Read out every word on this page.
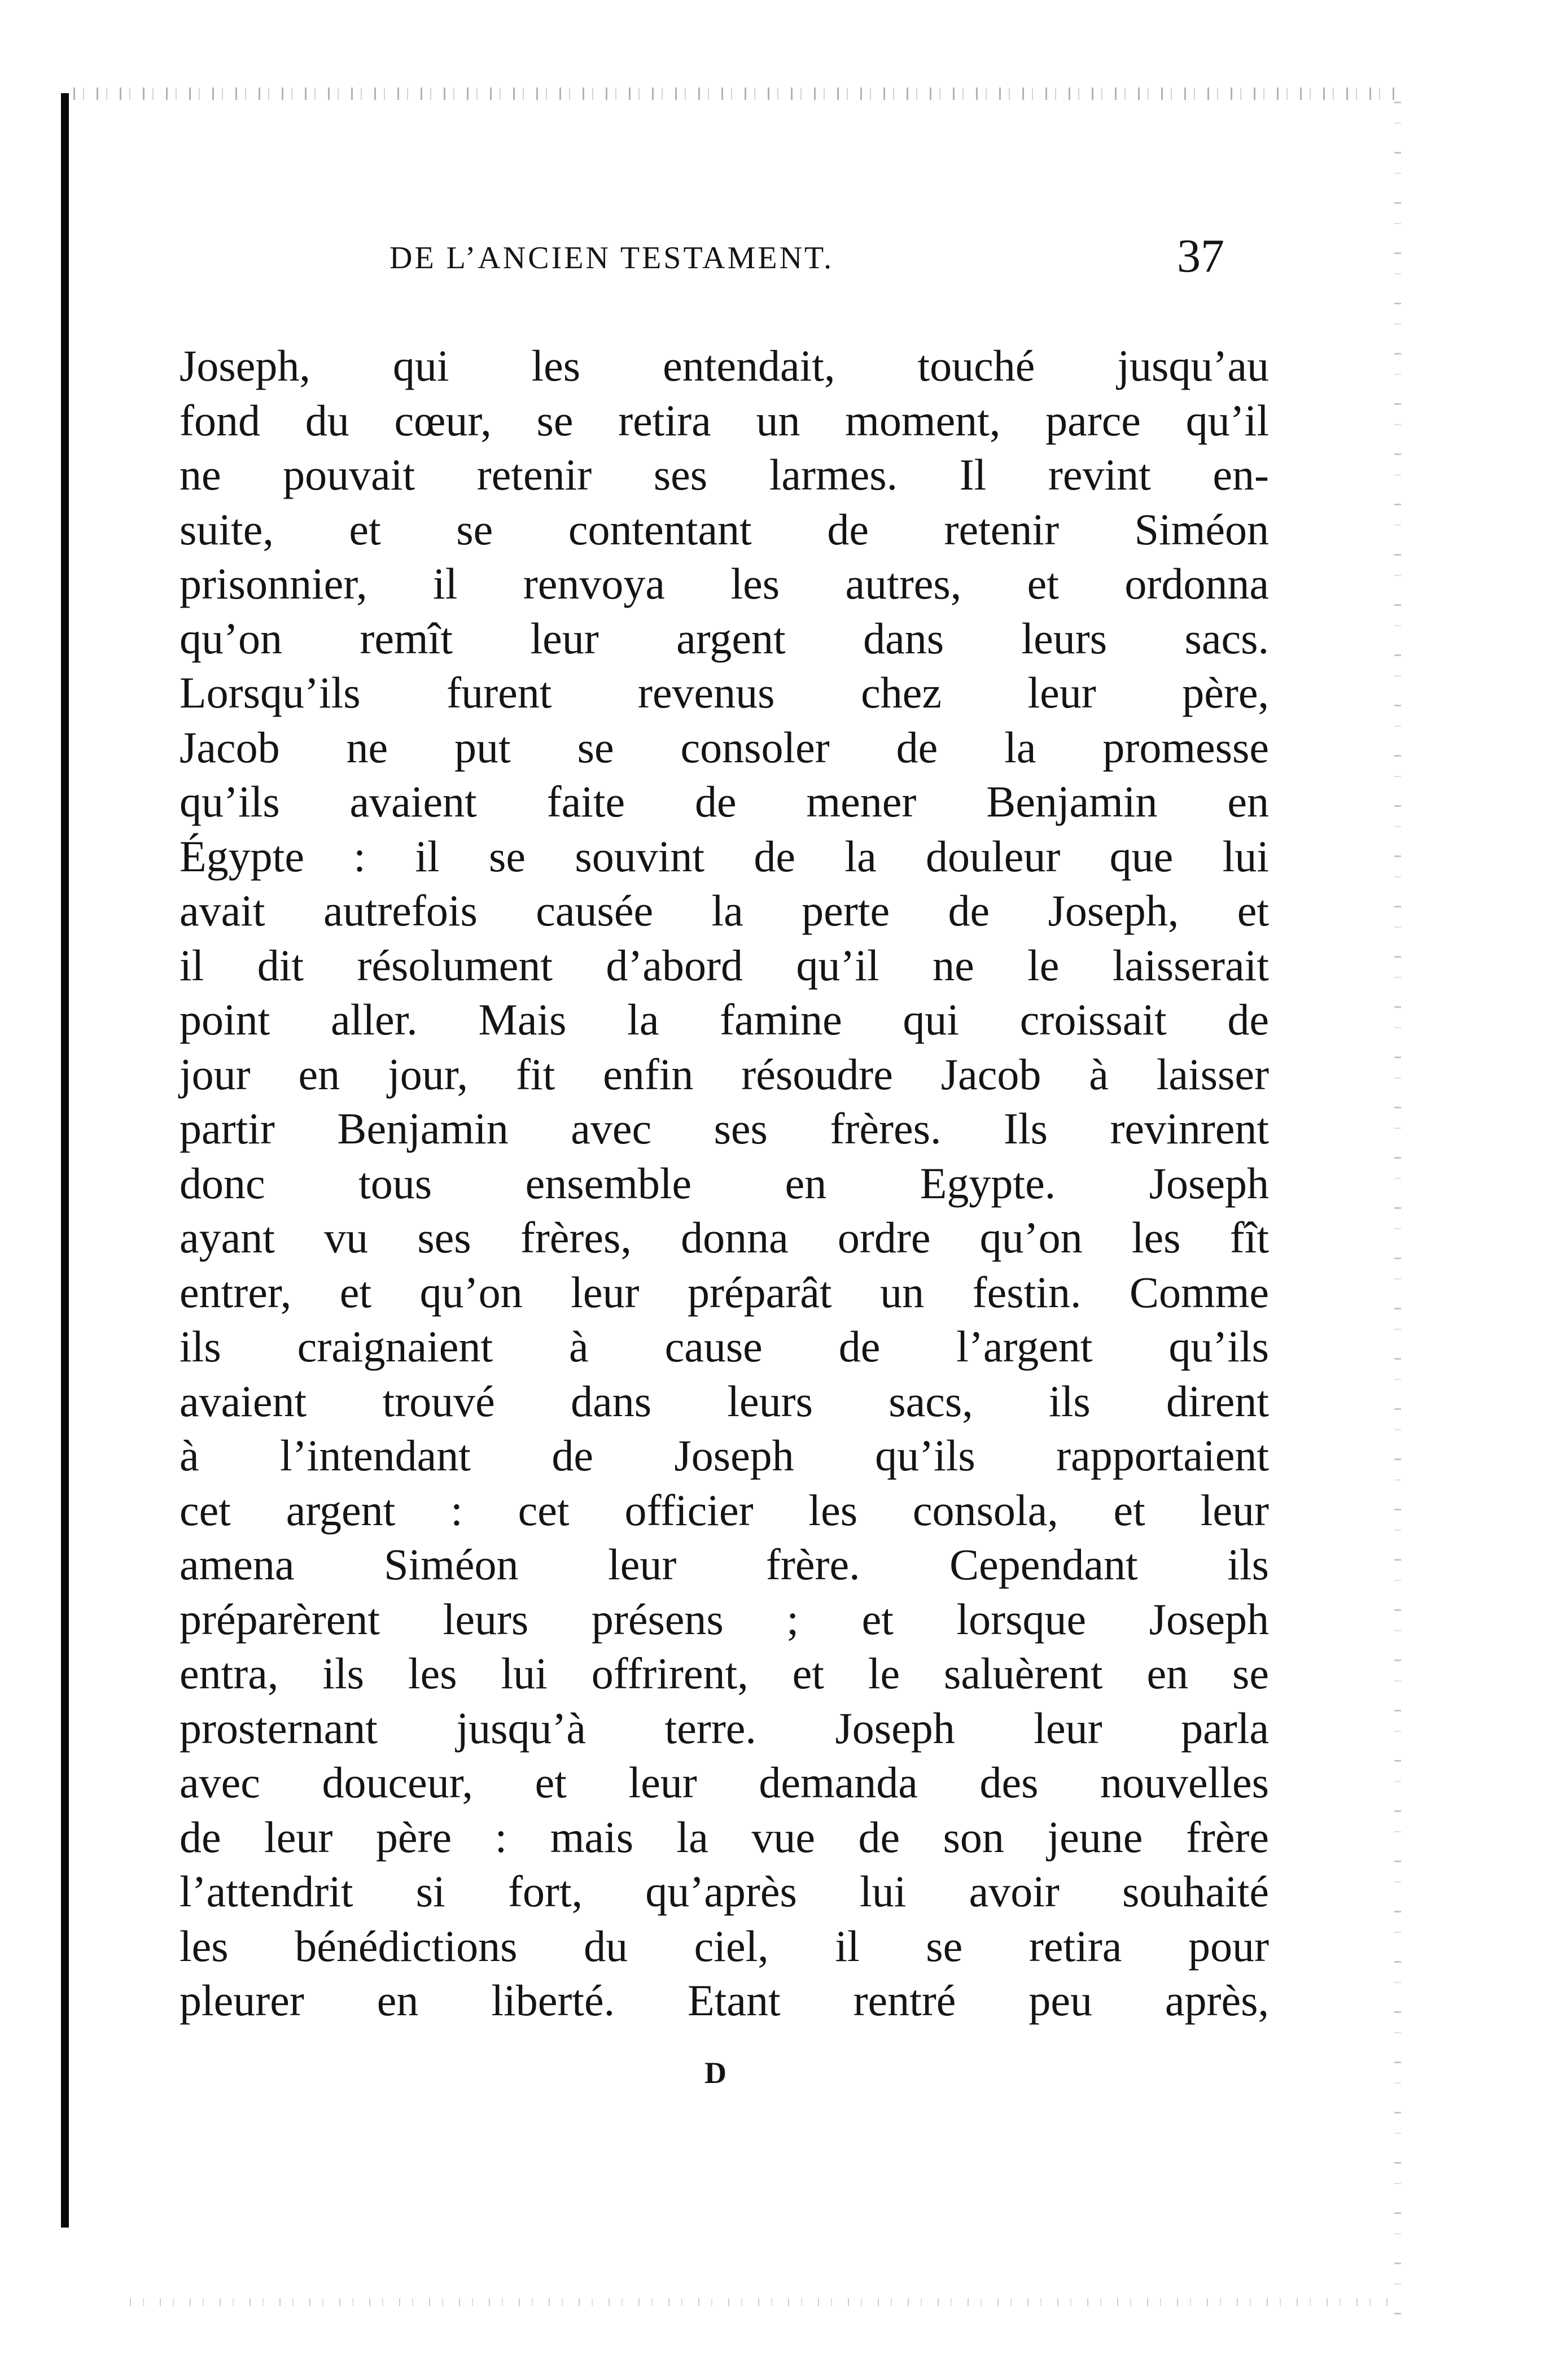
DE L’ANCIEN TESTAMENT.	37
Joseph, qui les entendait, touché jusqu’au
fond du cœur, se retira un moment, parce qu’il
ne pouvait retenir ses larmes. Il revint en-
suite, et se contentant de retenir Siméon
prisonnier, il renvoya les autres, et ordonna
qu’on remît leur argent dans leurs sacs.
Lorsqu’ils furent revenus chez leur père,
Jacob ne put se consoler de la promesse
qu’ils avaient faite de mener Benjamin en
Égypte : il se souvint de la douleur que lui
avait autrefois causée la perte de Joseph, et
il dit résolument d’abord qu’il ne le laisserait
point aller. Mais la famine qui croissait de
jour en jour, fit enfin résoudre Jacob à laisser
partir Benjamin avec ses frères. Ils revinrent
donc tous ensemble en Egypte. Joseph
ayant vu ses frères, donna ordre qu’on les fît
entrer, et qu’on leur préparât un festin. Comme
ils craignaient à cause de l’argent qu’ils
avaient trouvé dans leurs sacs, ils dirent
à l’intendant de Joseph qu’ils rapportaient
cet argent : cet officier les consola, et leur
amena Siméon leur frère. Cependant ils
préparèrent leurs présens ; et lorsque Joseph
entra, ils les lui offrirent, et le saluèrent en se
prosternant jusqu’à terre. Joseph leur parla
avec douceur, et leur demanda des nouvelles
de leur père : mais la vue de son jeune frère
l’attendrit si fort, qu’après lui avoir souhaité
les bénédictions du ciel, il se retira pour
pleurer en liberté. Etant rentré peu après,
D
